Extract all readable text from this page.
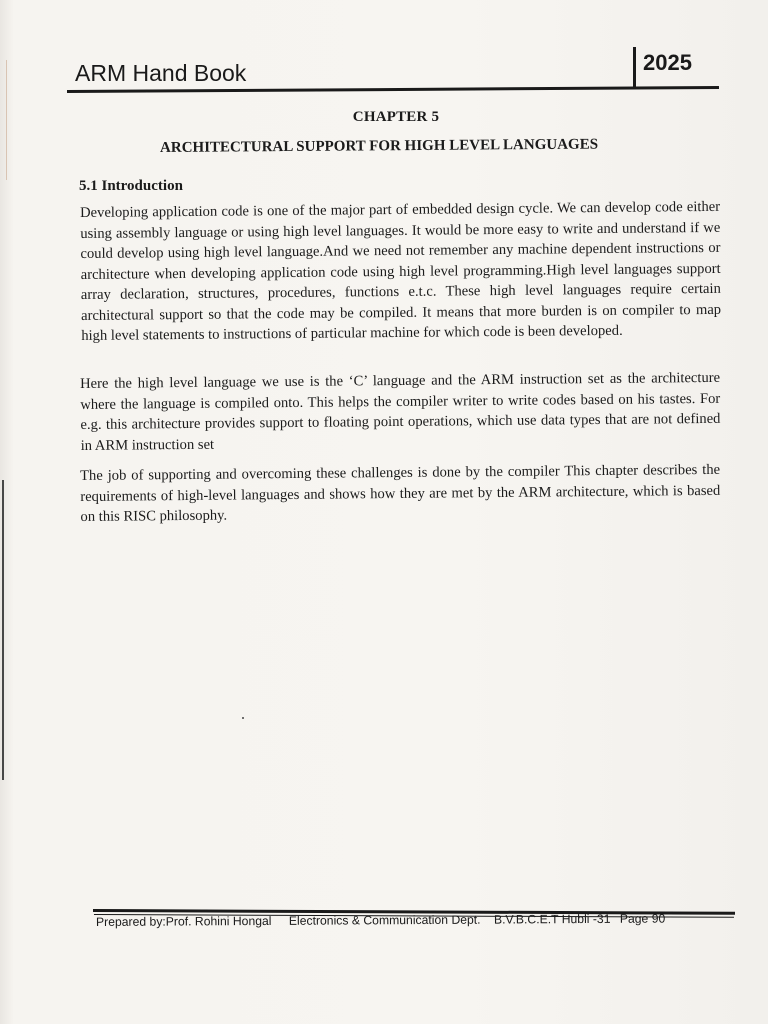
ARM Hand Book	2025
CHAPTER 5
ARCHITECTURAL SUPPORT FOR HIGH LEVEL LANGUAGES
5.1 Introduction

Developing application code is one of the major part of embedded design cycle. We can develop code either using assembly language or using high level languages. It would be more easy to write and understand if we could develop using high level language.And we need not remember any machine dependent instructions or architecture when developing application code using high level programming.High level languages support array declaration, structures, procedures, functions e.t.c. These high level languages require certain architectural support so that the code may be compiled. It means that more burden is on compiler to map high level statements to instructions of particular machine for which code is been developed.

Here the high level language we use is the ‘C’ language and the ARM instruction set as the architecture where the language is compiled onto. This helps the compiler writer to write codes based on his tastes. For e.g. this architecture provides support to floating point operations, which use data types that are not defined in ARM instruction set

The job of supporting and overcoming these challenges is done by the compiler This chapter describes the requirements of high-level languages and shows how they are met by the ARM architecture, which is based on this RISC philosophy.

Prepared by:Prof. Rohini Hongal Electronics & Communication Dept. B.V.B.C.E.T Hubli -31 Page 90
